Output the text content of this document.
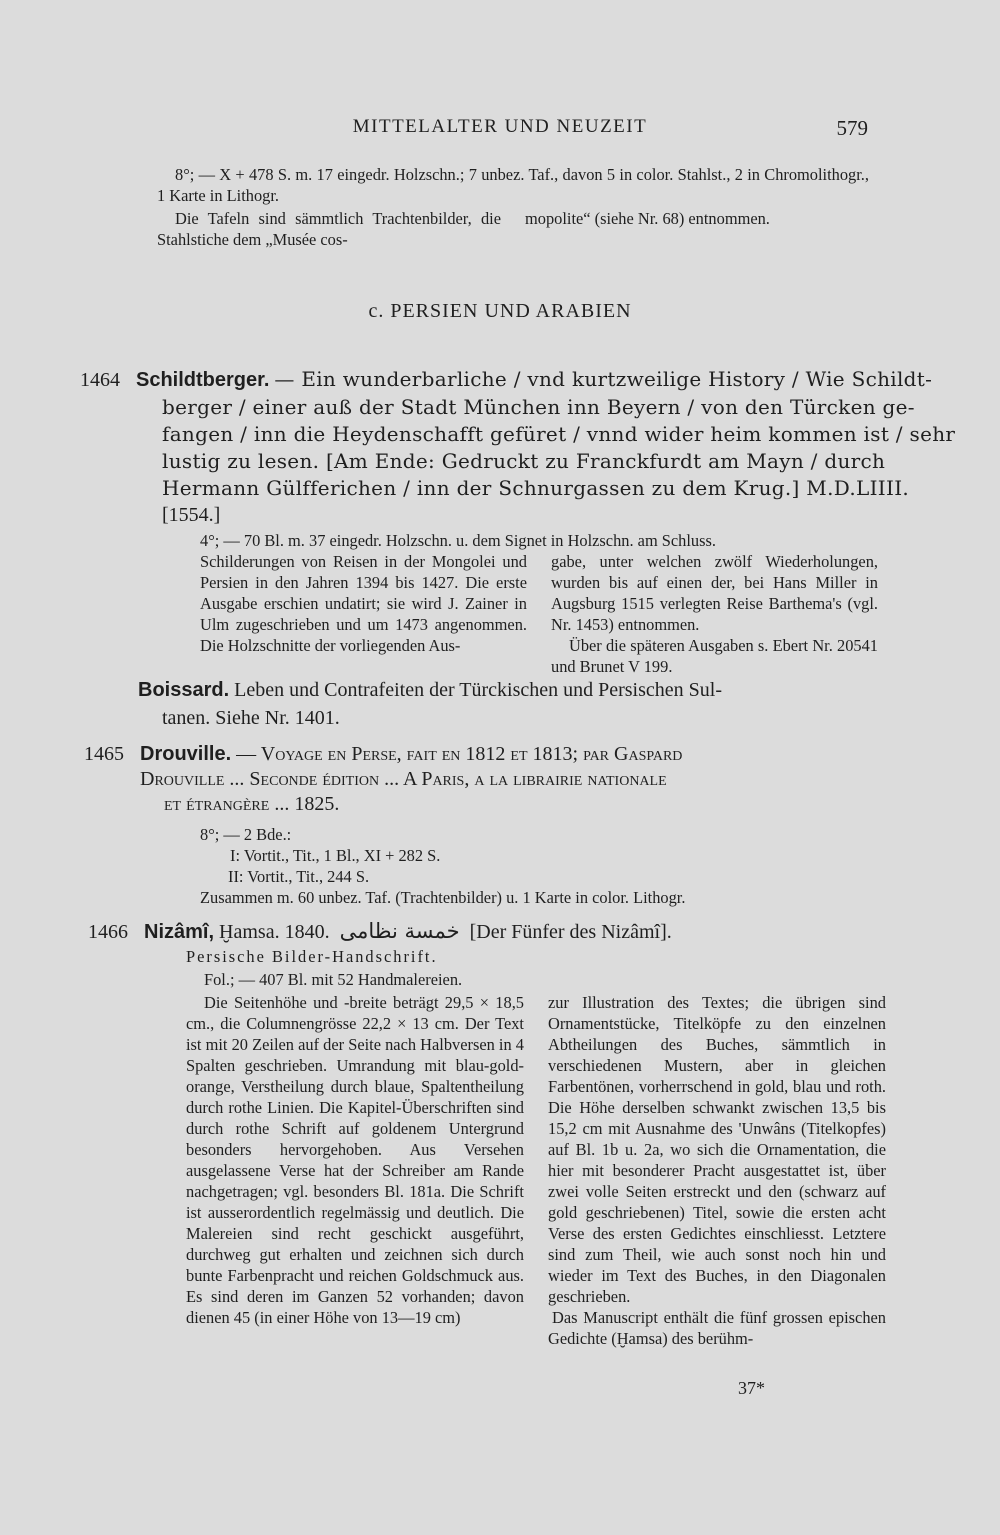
MITTELALTER UND NEUZEIT	579

8°; — X + 478 S. m. 17 eingedr. Holzschn.; 7 unbez. Taf., davon 5 in color. Stahlst., 2 in Chromolithogr., 1 Karte in Lithogr.

Die Tafeln sind sämmtlich Trachtenbilder, die Stahlstiche dem „Musée cos-

mopolite“ (siehe Nr. 68) entnommen.

c. PERSIEN UND ARABIEN
1464 Schildtberger. — Ein wunderbarliche / vnd kurtzweilige History / Wie Schildt-
berger / einer auß der Stadt München inn Beyern / von den Türcken ge-
fangen / inn die Heydenschafft gefüret / vnnd wider heim kommen ist / sehr
lustig zu lesen. [Am Ende: Gedruckt zu Franckfurdt am Mayn / durch
Hermann Gülfferichen / inn der Schnurgassen zu dem Krug.] M.D.LIIII.
[1554.]

4°; — 70 Bl. m. 37 eingedr. Holzschn. u. dem Signet in Holzschn. am Schluss.

Schilderungen von Reisen in der Mongolei und Persien in den Jahren 1394 bis 1427. Die erste Ausgabe erschien undatirt; sie wird J. Zainer in Ulm zugeschrieben und um 1473 angenommen. Die Holzschnitte der vorliegenden Aus-

gabe, unter welchen zwölf Wiederholungen, wurden bis auf einen der, bei Hans Miller in Augsburg 1515 verlegten Reise Barthema's (vgl. Nr. 1453) entnommen.

Über die späteren Ausgaben s. Ebert Nr. 20541 und Brunet V 199.

Boissard. Leben und Contrafeiten der Türckischen und Persischen Sul-
tanen. Siehe Nr. 1401.
1465 Drouville. — Voyage en Perse, fait en 1812 et 1813; par Gaspard
Drouville ... Seconde édition ... A Paris, a la librairie nationale
et étrangère ... 1825.
8°; — 2 Bde.:
I: Vortit., Tit., 1 Bl., XI + 282 S.
II: Vortit., Tit., 244 S.
Zusammen m. 60 unbez. Taf. (Trachtenbilder) u. 1 Karte in color. Lithogr.
1466 Nizâmî, Ḫamsa. 1840. خمسة نظامى [Der Fünfer des Nizâmî].
Persische Bilder-Handschrift.
Fol.; — 407 Bl. mit 52 Handmalereien.

Die Seitenhöhe und -breite beträgt 29,5 × 18,5 cm., die Columnengrösse 22,2 × 13 cm. Der Text ist mit 20 Zeilen auf der Seite nach Halbversen in 4 Spalten geschrieben. Umrandung mit blau-gold-orange, Verstheilung durch blaue, Spaltentheilung durch rothe Linien. Die Kapitel-Überschriften sind durch rothe Schrift auf goldenem Untergrund besonders hervorgehoben. Aus Versehen ausgelassene Verse hat der Schreiber am Rande nachgetragen; vgl. besonders Bl. 181a. Die Schrift ist ausserordentlich regelmässig und deutlich. Die Malereien sind recht geschickt ausgeführt, durchweg gut erhalten und zeichnen sich durch bunte Farbenpracht und reichen Goldschmuck aus. Es sind deren im Ganzen 52 vorhanden; davon dienen 45 (in einer Höhe von 13—19 cm)

zur Illustration des Textes; die übrigen sind Ornamentstücke, Titelköpfe zu den einzelnen Abtheilungen des Buches, sämmtlich in verschiedenen Mustern, aber in gleichen Farbentönen, vorherrschend in gold, blau und roth. Die Höhe derselben schwankt zwischen 13,5 bis 15,2 cm mit Ausnahme des 'Unwâns (Titelkopfes) auf Bl. 1b u. 2a, wo sich die Ornamentation, die hier mit besonderer Pracht ausgestattet ist, über zwei volle Seiten erstreckt und den (schwarz auf gold geschriebenen) Titel, sowie die ersten acht Verse des ersten Gedichtes einschliesst. Letztere sind zum Theil, wie auch sonst noch hin und wieder im Text des Buches, in den Diagonalen geschrieben.

Das Manuscript enthält die fünf grossen epischen Gedichte (Ḫamsa) des berühm-

37*
